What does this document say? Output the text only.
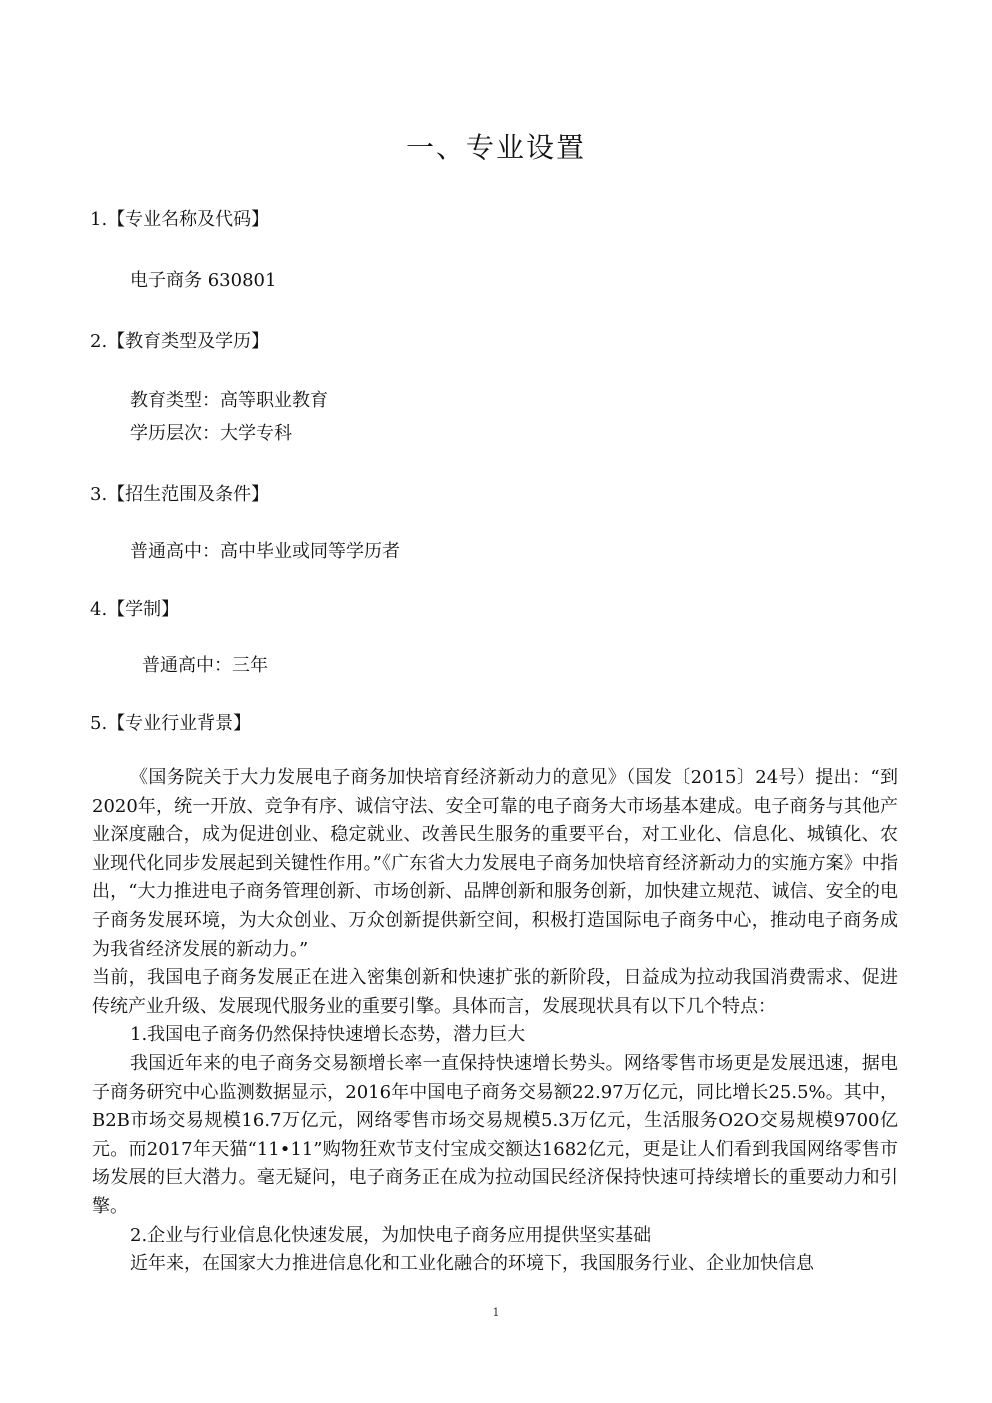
一、专业设置
1.【专业名称及代码】
电子商务 630801
2.【教育类型及学历】
教育类型：高等职业教育
学历层次：大学专科
3.【招生范围及条件】
普通高中：高中毕业或同等学历者
4.【学制】
普通高中：三年
5.【专业行业背景】

《国务院关于大力发展电子商务加快培育经济新动力的意见》（国发〔2015〕24号）提出：“到2020年，统一开放、竞争有序、诚信守法、安全可靠的电子商务大市场基本建成。电子商务与其他产业深度融合，成为促进创业、稳定就业、改善民生服务的重要平台，对工业化、信息化、城镇化、农业现代化同步发展起到关键性作用。”《广东省大力发展电子商务加快培育经济新动力的实施方案》中指出，“大力推进电子商务管理创新、市场创新、品牌创新和服务创新，加快建立规范、诚信、安全的电子商务发展环境，为大众创业、万众创新提供新空间，积极打造国际电子商务中心，推动电子商务成为我省经济发展的新动力。”

当前，我国电子商务发展正在进入密集创新和快速扩张的新阶段，日益成为拉动我国消费需求、促进传统产业升级、发展现代服务业的重要引擎。具体而言，发展现状具有以下几个特点：

1.我国电子商务仍然保持快速增长态势，潜力巨大

我国近年来的电子商务交易额增长率一直保持快速增长势头。网络零售市场更是发展迅速，据电子商务研究中心监测数据显示，2016年中国电子商务交易额22.97万亿元，同比增长25.5%。其中，B2B市场交易规模16.7万亿元，网络零售市场交易规模5.3万亿元，生活服务O2O交易规模9700亿元。而2017年天猫“11•11”购物狂欢节支付宝成交额达1682亿元，更是让人们看到我国网络零售市场发展的巨大潜力。毫无疑问，电子商务正在成为拉动国民经济保持快速可持续增长的重要动力和引擎。

2.企业与行业信息化快速发展，为加快电子商务应用提供坚实基础

近年来，在国家大力推进信息化和工业化融合的环境下，我国服务行业、企业加快信息

1
